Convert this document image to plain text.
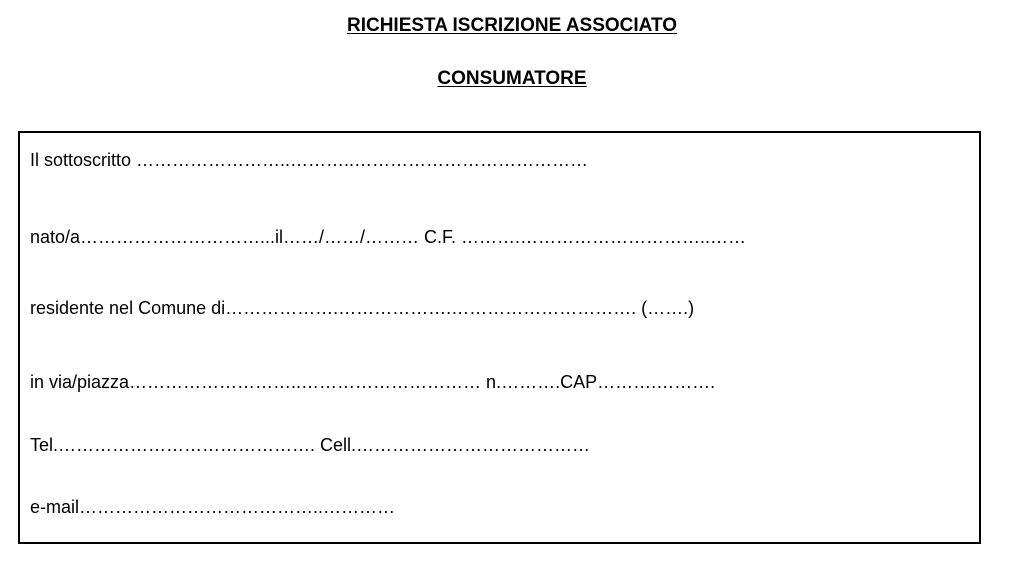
RICHIESTA ISCRIZIONE ASSOCIATO
CONSUMATORE

Il sottoscritto ……………………..………..…………………………………

nato/a…………………………...il……/……/……… C.F. ……….…………………………..……

residente nel Comune di……………….……………….…………………………. (…….)

in via/piazza………………………..………………………… n.……….CAP……….……….

Tel.……………………………………. Cell.…………………………………

e-mail…………………………………..…………
